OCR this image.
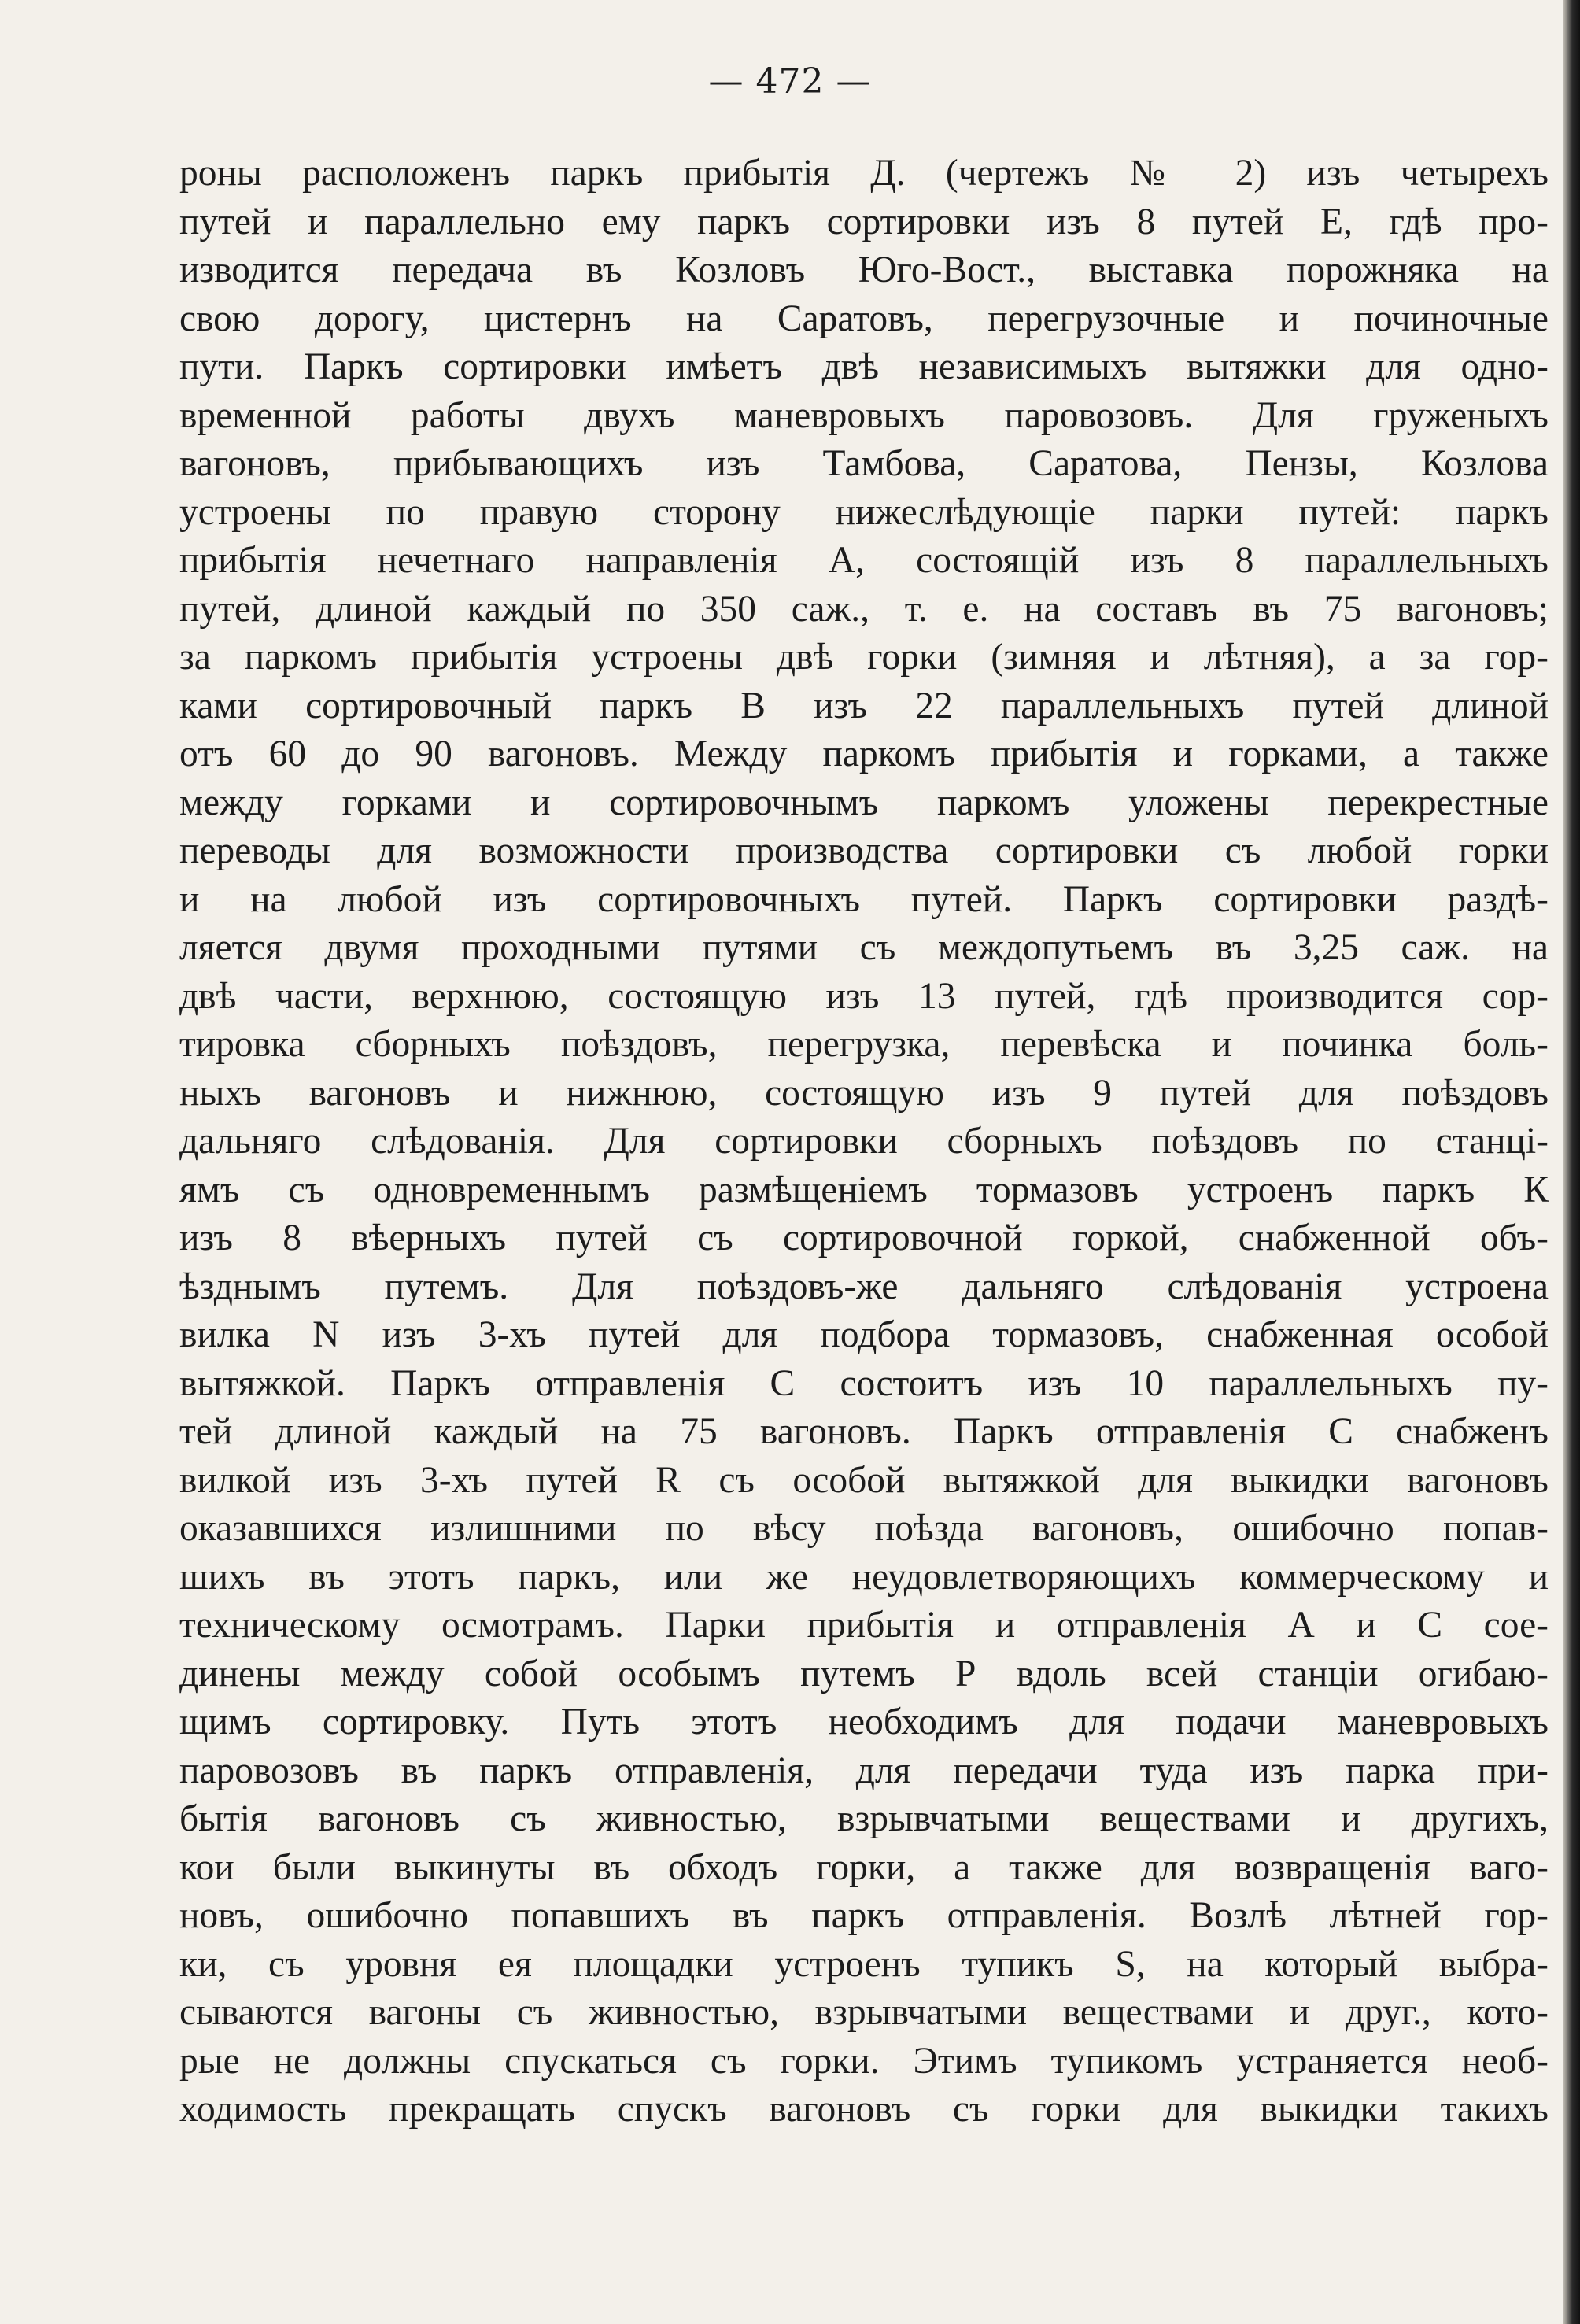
— 472 —
роны расположенъ паркъ прибытія Д. (чертежъ № 2) изъ четырехъ
путей и параллельно ему паркъ сортировки изъ 8 путей Е, гдѣ про-
изводится передача въ Козловъ Юго-Вост., выставка порожняка на
свою дорогу, цистернъ на Саратовъ, перегрузочные и починочные
пути. Паркъ сортировки имѣетъ двѣ независимыхъ вытяжки для одно-
временной работы двухъ маневровыхъ паровозовъ. Для груженыхъ
вагоновъ, прибывающихъ изъ Тамбова, Саратова, Пензы, Козлова
устроены по правую сторону нижеслѣдующіе парки путей: паркъ
прибытія нечетнаго направленія А, состоящій изъ 8 параллельныхъ
путей, длиной каждый по 350 саж., т. е. на составъ въ 75 вагоновъ;
за паркомъ прибытія устроены двѣ горки (зимняя и лѣтняя), а за гор-
ками сортировочный паркъ В изъ 22 параллельныхъ путей длиной
отъ 60 до 90 вагоновъ. Между паркомъ прибытія и горками, а также
между горками и сортировочнымъ паркомъ уложены перекрестные
переводы для возможности производства сортировки съ любой горки
и на любой изъ сортировочныхъ путей. Паркъ сортировки раздѣ-
ляется двумя проходными путями съ междопутьемъ въ 3,25 саж. на
двѣ части, верхнюю, состоящую изъ 13 путей, гдѣ производится сор-
тировка сборныхъ поѣздовъ, перегрузка, перевѣска и починка боль-
ныхъ вагоновъ и нижнюю, состоящую изъ 9 путей для поѣздовъ
дальняго слѣдованія. Для сортировки сборныхъ поѣздовъ по станці-
ямъ съ одновременнымъ размѣщеніемъ тормазовъ устроенъ паркъ К
изъ 8 вѣерныхъ путей съ сортировочной горкой, снабженной объ-
ѣзднымъ путемъ. Для поѣздовъ-же дальняго слѣдованія устроена
вилка N изъ 3-хъ путей для подбора тормазовъ, снабженная особой
вытяжкой. Паркъ отправленія С состоитъ изъ 10 параллельныхъ пу-
тей длиной каждый на 75 вагоновъ. Паркъ отправленія С снабженъ
вилкой изъ 3-хъ путей R съ особой вытяжкой для выкидки вагоновъ
оказавшихся излишними по вѣсу поѣзда вагоновъ, ошибочно попав-
шихъ въ этотъ паркъ, или же неудовлетворяющихъ коммерческому и
техническому осмотрамъ. Парки прибытія и отправленія А и С сое-
динены между собой особымъ путемъ Р вдоль всей станціи огибаю-
щимъ сортировку. Путь этотъ необходимъ для подачи маневровыхъ
паровозовъ въ паркъ отправленія, для передачи туда изъ парка при-
бытія вагоновъ съ живностью, взрывчатыми веществами и другихъ,
кои были выкинуты въ обходъ горки, а также для возвращенія ваго-
новъ, ошибочно попавшихъ въ паркъ отправленія. Возлѣ лѣтней гор-
ки, съ уровня ея площадки устроенъ тупикъ S, на который выбра-
сываются вагоны съ живностью, взрывчатыми веществами и друг., кото-
рые не должны спускаться съ горки. Этимъ тупикомъ устраняется необ-
ходимость прекращать спускъ вагоновъ съ горки для выкидки такихъ
